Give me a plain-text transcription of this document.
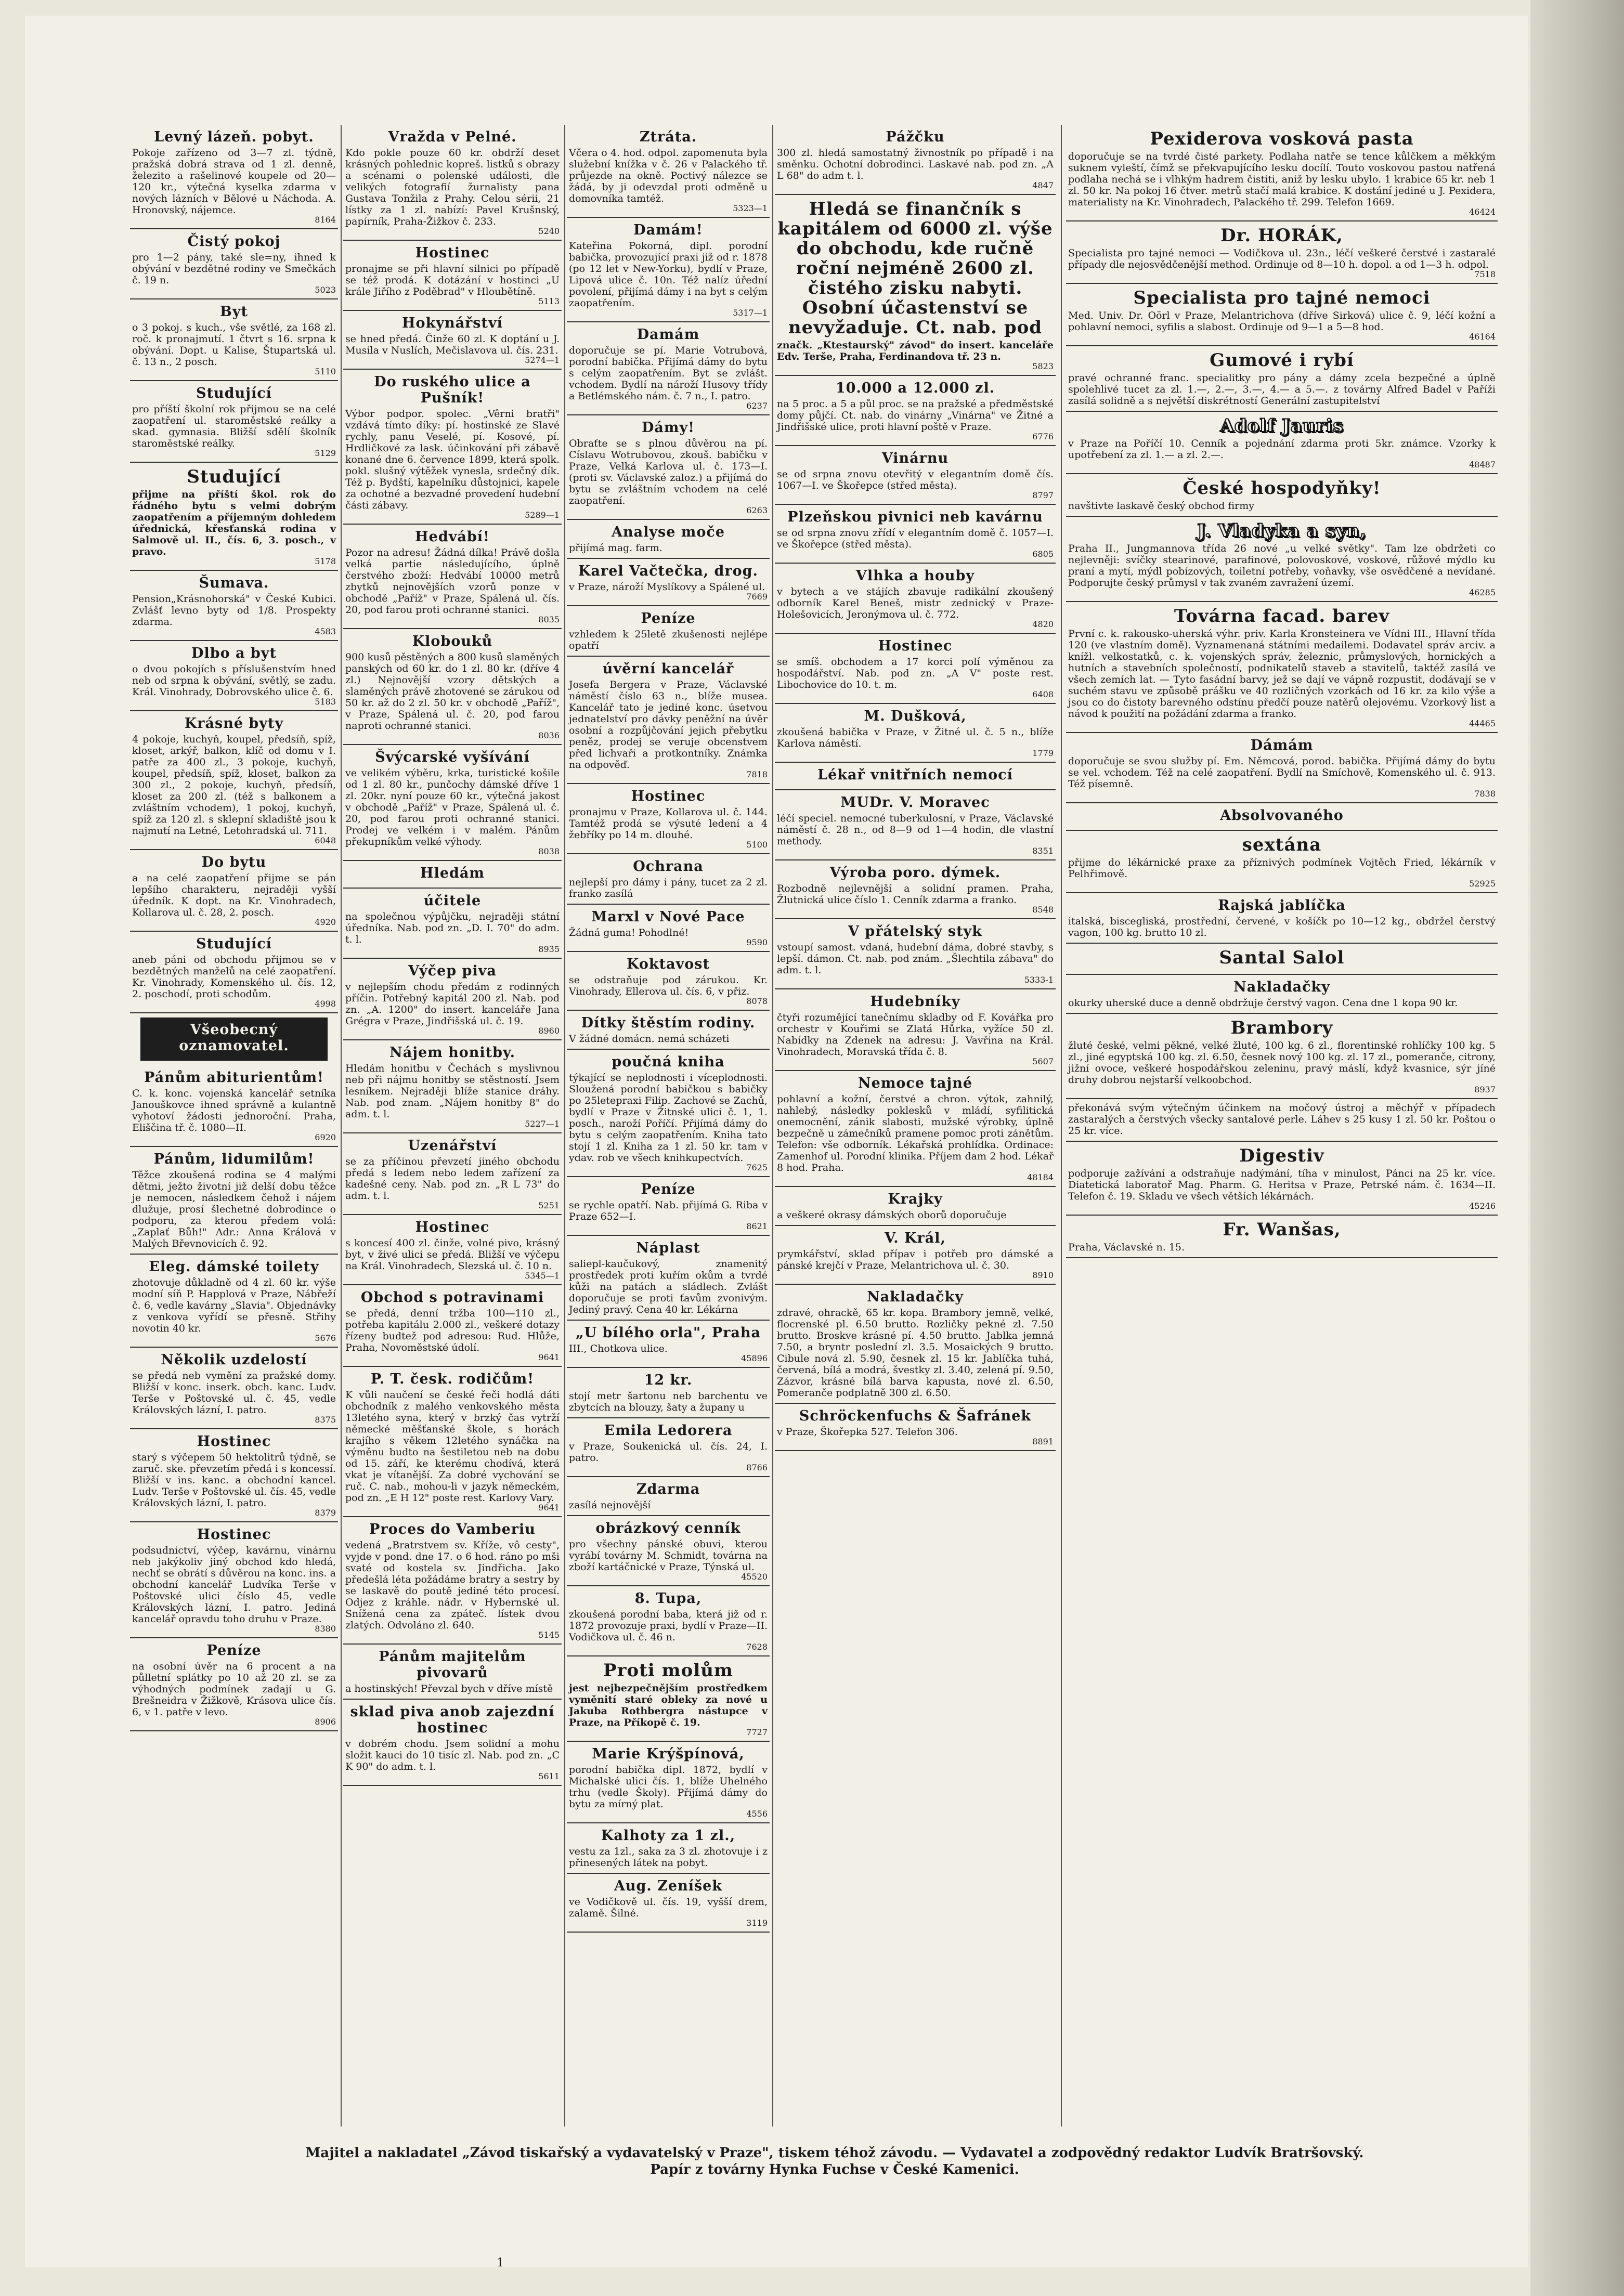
Levný lázeň. pobyt.

Pokoje zařízeno od 3—7 zl. týdně, pražská dobrá strava od 1 zl. denně, železito a rašelinové koupele od 20—120 kr., výtečná kyselka zdarma v nových lázních v Bělové u Náchoda. A. Hronovský, nájemce.

8164
Čistý pokoj

pro 1—2 pány, také sle=ny, ihned k obývání v bezdětné rodiny ve Smečkách č. 19 n.

5023
Byt

o 3 pokoj. s kuch., vše světlé, za 168 zl. roč. k pronajmutí. 1 čtvrt s 16. srpna k obývání. Dopt. u Kalise, Štupartská ul. č. 13 n., 2 posch.

5110
Studující

pro příští školní rok přijmou se na celé zaopatření ul. staroměstské reálky a skad. gymnasia. Bližší sdělí školník staroměstské reálky.

5129
Studující

přijme na příští škol. rok do řádného bytu s velmi dobrým zaopatřením a příjemným dohledem úřednická, křesťanská rodina v Salmově ul. II., čís. 6, 3. posch., v pravo.

5178
Šumava.

Pension„Krásnohorská" v České Kubici. Zvlášť levno byty od 1/8. Prospekty zdarma.

4583
Dlbo a byt

o dvou pokojích s příslušenstvím hned neb od srpna k obývání, světlý, se zadu. Král. Vinohrady, Dobrovského ulice č. 6.

5183
Krásné byty

4 pokoje, kuchyň, koupel, předsíň, spíž, kloset, arkýř, balkon, klíč od domu v I. patře za 400 zl., 3 pokoje, kuchyň, koupel, předsíň, spíž, kloset, balkon za 300 zl., 2 pokoje, kuchyň, předsíň, kloset za 200 zl. (též s balkonem a zvláštním vchodem), 1 pokoj, kuchyň, spíž za 120 zl. s sklepní skladiště jsou k najmutí na Letné, Letohradská ul. 711.

6048
Do bytu

a na celé zaopatření přijme se pán lepšího charakteru, nejraději vyšší úředník. K dopt. na Kr. Vinohradech, Kollarova ul. č. 28, 2. posch.

4920
Studující

aneb páni od obchodu přijmou se v bezdětných manželů na celé zaopatření. Kr. Vinohrady, Komenského ul. čís. 12, 2. poschodí, proti schodům.

4998
Všeobecný oznamovatel.
Pánům abiturientům!

C. k. konc. vojenská kancelář setníka Janouškovce ihned správně a kulantně vyhotoví žádosti jednoroční. Praha, Eliščina tř. č. 1080—II.

6920
Pánům, lidumilům!

Těžce zkoušená rodina se 4 malými dětmi, ježto životní již delší dobu těžce je nemocen, následkem čehož i nájem dlužuje, prosí šlechetné dobrodince o podporu, za kterou předem volá: „Zaplať Bůh!" Adr.: Anna Králová v Malých Břevnovicích č. 92.

Eleg. dámské toilety

zhotovuje důkladně od 4 zl. 60 kr. výše modní síň P. Happlová v Praze, Nábřeží č. 6, vedle kavárny „Slavia". Objednávky z venkova vyřídí se přesně. Střihy novotin 40 kr.

5676
Několik uzdelostí

se předá neb vymění za pražské domy. Bližší v konc. inserk. obch. kanc. Ludv. Terše v Poštovské ul. č. 45, vedle Královských lázní, I. patro.

8375
Hostinec

starý s výčepem 50 hektolitrů týdně, se zaruč. ske. převzetím předá i s koncessí. Bližší v ins. kanc. a obchodní kancel. Ludv. Terše v Poštovské ul. čís. 45, vedle Královských lázní, I. patro.

8379
Hostinec

podsudnictví, výčep, kavárnu, vinárnu neb jakýkoliv jiný obchod kdo hledá, nechť se obrátí s důvěrou na konc. ins. a obchodní kancelář Ludvíka Terše v Poštovské ulici číslo 45, vedle Královských lázní, I. patro. Jediná kancelář opravdu toho druhu v Praze.

8380
Peníze

na osobní úvěr na 6 procent a na půlletní splátky po 10 až 20 zl. se za výhodných podmínek zadají u G. Brešneidra v Žižkově, Krásova ulice čís. 6, v 1. patře v levo.

8906
Vražda v Pelné.

Kdo pokle pouze 60 kr. obdrží deset krásných pohlednic kopreš. listků s obrazy a scénami o polenské události, dle velikých fotografií žurnalisty pana Gustava Tonžila z Prahy. Celou sérii, 21 lístky za 1 zl. nabízí: Pavel Krušnský, papírník, Praha-Žižkov č. 233.

5240
Hostinec

pronajme se při hlavní silnici po případě se též prodá. K dotázání v hostinci „U krále Jiřího z Poděbrad" v Hloubětíně.

5113
Hokynářství

se hned předá. Činže 60 zl. K doptání u J. Musila v Nuslích, Mečislavova ul. čís. 231.

5274—1
Do ruského ulice a Pušník!

Výbor podpor. spolec. „Vêrni bratři" vzdává tímto díky: pí. hostinské ze Slavé rychly, panu Veselé, pí. Kosové, pí. Hrdličkové za lask. účinkování při zábavě konané dne 6. července 1899, která spolk. pokl. slušný výtěžek vynesla, srdečný dík. Též p. Bydští, kapelníku důstojnici, kapele za ochotné a bezvadné provedení hudební části zábavy.

5289—1
Hedvábí!

Pozor na adresu! Žádná dílka! Právě došla velká partie následujícího, úplně čerstvého zboží: Hedvábí 10000 metrů zbytků nejnovějších vzorů ponze v obchodě „Paříž" v Praze, Spálená ul. čís. 20, pod farou proti ochranné stanici.

8035
Klobouků

900 kusů pěstěných a 800 kusů slaměných panských od 60 kr. do 1 zl. 80 kr. (dříve 4 zl.) Nejnovější vzory dětských a slaměných právě zhotovené se zárukou od 50 kr. až do 2 zl. 50 kr. v obchodě „Paříž", v Praze, Spálená ul. č. 20, pod farou naproti ochranné stanici.

8036
Švýcarské vyšívání

ve velikém výběru, krka, turistické košile od 1 zl. 80 kr., punčochy dámské dříve 1 zl. 20kr. nyní pouze 60 kr., výtečná jakost v obchodě „Paříž" v Praze, Spálená ul. č. 20, pod farou proti ochranné stanici. Prodej ve velkém i v malém. Pánům překupníkům velké výhody.

8038
Hledám
účitele

na společnou výpůjčku, nejraději státní úředníka. Nab. pod zn. „D. I. 70" do adm. t. l.

8935
Výčep piva

v nejlepším chodu předám z rodinných příčin. Potřebný kapitál 200 zl. Nab. pod zn. „A. 1200" do insert. kanceláře Jana Grégra v Praze, Jindřišská ul. č. 19.

8960
Nájem honitby.

Hledám honitbu v Čechách s myslivnou neb při nájmu honitby se stěstností. Jsem lesníkem. Nejraději blíže stanice dráhy. Nab. pod znam. „Nájem honitby 8" do adm. t. l.

5227—1
Uzenářství

se za příčinou převzetí jiného obchodu předá s ledem nebo ledem zařízení za kadešné ceny. Nab. pod zn. „R L 73" do adm. t. l.

5251
Hostinec

s koncesí 400 zl. činže, volné pivo, krásný byt, v živé ulici se předá. Bližší ve výčepu na Král. Vinohradech, Slezská ul. č. 10 n.

5345—1
Obchod s potravinami

se předá, denní tržba 100—110 zl., potřeba kapitálu 2.000 zl., veškeré dotazy řízeny budtež pod adresou: Rud. Hlůže, Praha, Novoměstské údolí.

9641
P. T. česk. rodičům!

K vůli naučení se české řeči hodlá dáti obchodník z malého venkovského města 13letého syna, který v brzký čas vytrží německé měšťanské škole, s horách krajího s věkem 12letého synáčka na výměnu budto na šestiletou neb na dobu od 15. září, ke kterému chodívá, která vkat je vítanější. Za dobré vychování se ruč. C. nab., mohou-li v jazyk německém, pod zn. „E H 12" poste rest. Karlovy Vary.

9641
Proces do Vamberiu

vedená „Bratrstvem sv. Kříže, vô cesty", vyjde v pond. dne 17. o 6 hod. ráno po mši svaté od kostela sv. Jindřicha. Jako předešlá léta požádáme bratry a sestry by se laskavě do poutě jediné této procesí. Odjez z kráhle. nádr. v Hybernské ul. Snížená cena za zpáteč. lístek dvou zlatých. Odvoláno zl. 640.

5145
Pánům majitelům pivovarů

a hostinských! Převzal bych v dříve místě

sklad piva anob zajezdní hostinec

v dobrém chodu. Jsem solidní a mohu složit kauci do 10 tisíc zl. Nab. pod zn. „C K 90" do adm. t. l.

5611
Ztráta.

Včera o 4. hod. odpol. zapomenuta byla služební knížka v č. 26 v Palackého tř. průjezde na okně. Poctivý nálezce se žádá, by ji odevzdal proti odměně u domovníka tamtéž.

5323—1
Damám!

Kateřina Pokorná, dipl. porodní babička, provozující praxi již od r. 1878 (po 12 let v New-Yorku), bydlí v Praze, Lipová ulice č. 10n. Též nalíz úřední povolení, přijímá dámy i na byt s celým zaopatřením.

5317—1
Damám

doporučuje se pí. Marie Votrubová, porodní babička. Přijímá dámy do bytu s celým zaopatřením. Byt se zvlášt. vchodem. Bydlí na nároží Husovy třídy a Betlémského nám. č. 7 n., I. patro.

6237
Dámy!

Obraťte se s plnou důvěrou na pí. Císlavu Wotrubovou, zkouš. babičku v Praze, Velká Karlova ul. č. 173—I. (proti sv. Václavské zaloz.) a přijímá do bytu se zvláštním vchodem na celé zaopatření.

6263
Analyse moče

přijímá mag. farm.

Karel Vačtečka, drog.

v Praze, nároží Myslíkovy a Spálené ul.

7669
Peníze

vzhledem k 25letě zkušenosti nejlépe opatří

úvěrní kancelář

Josefa Bergera v Praze, Václavské náměstí číslo 63 n., blíže musea. Kancelář tato je jediné konc. úsetvou jednatelství pro dávky peněžní na úvěr osobní a rozpůjčování jejich přebytku peněz, prodej se veruje obcenstvem před lichvaři a protkontníky. Známka na odpověď.

7818
Hostinec

pronajmu v Praze, Kollarova ul. č. 144. Tamtéž prodá se výsuté ledení a 4 žebříky po 14 m. dlouhé.

5100
Ochrana

nejlepší pro dámy i pány, tucet za 2 zl. franko zasílá

Marxl v Nové Pace

Žádná guma! Pohodlné!

9590
Koktavost

se odstraňuje pod zárukou. Kr. Vinohrady, Ellerova ul. čís. 6, v přiz.

8078
Dítky štěstím rodiny.

V žádné domácn. nemá scházeti

poučná kniha

týkající se neplodnosti i víceplodnosti. Sloužená porodní babičkou s babičky po 25letepraxi Filip. Zachové se Zachů, bydlí v Praze v Žitnské ulici č. 1, 1. posch., naroží Poříčí. Přijímá dámy do bytu s celým zaopatřením. Kniha tato stojí 1 zl. Kniha za 1 zl. 50 kr. tam v ydav. rob ve všech knihkupectvích.

7625
Peníze

se rychle opatří. Nab. přijímá G. Riba v Praze 652—I.

8621
Náplast

saliepl-kaučukový, znamenitý prostředek proti kuřím okům a tvrdé kůži na patách a sládlech. Zvlášt doporučuje se proti ťavům zvonivým. Jediný pravý. Cena 40 kr. Lékárna

„U bílého orla", Praha

III., Chotkova ulice.

45896
12 kr.

stojí metr šartonu neb barchentu ve zbytcích na blouzy, šaty a župany u

Emila Ledorera

v Praze, Soukenická ul. čís. 24, I. patro.

8766
Zdarma

zasílá nejnovější

obrázkový cenník

pro všechny pánské obuvi, kterou vyrábí továrny M. Schmidt, továrna na zboží kartáčnické v Praze, Týnská ul.

45520
8. Tupa,

zkoušená porodní baba, která již od r. 1872 provozuje praxi, bydlí v Praze—II. Vodičkova ul. č. 46 n.

7628
Proti molům

jest nejbezpečnějším prostředkem vyměnití staré obleky za nové u Jakuba Rothbergra nástupce v Praze, na Příkopě č. 19.

7727
Marie Krýšpínová,

porodní babička dipl. 1872, bydlí v Michalské ulici čís. 1, blíže Uhelného trhu (vedle Školy). Přijímá dámy do bytu za mírný plat.

4556
Kalhoty za 1 zl.,

vestu za 1zl., saka za 3 zl. zhotovuje i z přinesených látek na pobyt.

Aug. Zeníšek

ve Vodičkově ul. čís. 19, vyšší drem, zalamě. Šilné.

3119
Pážčku

300 zl. hledá samostatný živnostník po případě i na směnku. Ochotní dobrodinci. Laskavé nab. pod zn. „A L 68" do adm t. l.

4847
Hledá se finančník s kapitálem od 6000 zl. výše do obchodu, kde ručně roční nejméně 2600 zl. čistého zisku nabyti. Osobní účastenství se nevyžaduje. Ct. nab. pod

značk. „Ktestaurský" závod" do insert. kanceláře Edv. Terše, Praha, Ferdinandova tř. 23 n.

5823
10.000 a 12.000 zl.

na 5 proc. a 5 a půl proc. se na pražské a předměstské domy půjčí. Ct. nab. do vinárny „Vinárna" ve Žitné a Jindřišské ulice, proti hlavní poště v Praze.

6776
Vinárnu

se od srpna znovu otevřitý v elegantním domě čís. 1067—I. ve Škořepce (střed města).

8797
Plzeňskou pivnici neb kavárnu

se od srpna znovu zřídí v elegantním domě č. 1057—I. ve Škořepce (střed města).

6805
Vlhka a houby

v bytech a ve stájích zbavuje radikální zkoušený odborník Karel Beneš, mistr zednický v Praze-Holešovicích, Jeronýmova ul. č. 772.

4820
Hostinec

se smíš. obchodem a 17 korci polí výměnou za hospodářství. Nab. pod zn. „A V" poste rest. Libochovice do 10. t. m.

6408
M. Dušková,

zkoušená babička v Praze, v Žitné ul. č. 5 n., blíže Karlova náměstí.

1779
Lékař vnitřních nemocí
MUDr. V. Moravec

léčí speciel. nemocné tuberkulosní, v Praze, Václavské náměstí č. 28 n., od 8—9 od 1—4 hodin, dle vlastní methody.

8351
Výroba poro. dýmek.

Rozbodně nejlevnější a solidní pramen. Praha, Žlutnická ulice číslo 1. Cenník zdarma a franko.

8548
V přátelský styk

vstoupí samost. vdaná, hudební dáma, dobré stavby, s lepší. dámon. Ct. nab. pod znám. „Šlechtila zábava" do adm. t. l.

5333-1
Hudebníky

čtyři rozumějící tanečnímu skladby od F. Kovářka pro orchestr v Kouřimi se Zlatá Hůrka, vyžíce 50 zl. Nabídky na Zdenek na adresu: J. Vavřina na Král. Vinohradech, Moravská třída č. 8.

5607
Nemoce tajné

pohlavní a kožní, čerstvé a chron. výtok, zahnilý, nahlebý, následky poklesků v mládí, syfilitická onemocnění, zánik slabosti, mužské výrobky, úplně bezpečně u zámečníků pramene pomoc proti zánětům. Telefon: vše odborník. Lékařská prohlídka. Ordinace: Zamenhof ul. Porodní klinika. Příjem dam 2 hod. Lékař 8 hod. Praha.

48184
Krajky

a veškeré okrasy dámských oborů doporučuje

V. Král,

prymkářství, sklad přípav i potřeb pro dámské a pánské krejčí v Praze, Melantrichova ul. č. 30.

8910
Nakladačky

zdravé, ohrackě, 65 kr. kopa. Brambory jemně, velké, flocrenské pl. 6.50 brutto. Rozličky pekné zl. 7.50 brutto. Broskve krásné pí. 4.50 brutto. Jablka jemná 7.50, a bryntr poslední zl. 3.5. Mosaických 9 brutto. Cibule nová zl. 5.90, česnek zl. 15 kr. Jablíčka tuhá, červená, bílá a modrá, švestky zl. 3.40, zelená pí. 9.50, Zázvor, krásné bílá barva kapusta, nové zl. 6.50, Pomeranče podplatně 300 zl. 6.50.

Schröckenfuchs & Šafránek

v Praze, Škořepka 527. Telefon 306.

8891
Pexiderova vosková pasta

doporučuje se na tvrdé čisté parkety. Podlaha natře se tence kůlčkem a měkkým suknem vyleští, čímž se překvapujícího lesku docílí. Touto voskovou pastou natřená podlaha nechá se i vlhkým hadrem čistiti, aniž by lesku ubylo. 1 krabice 65 kr. neb 1 zl. 50 kr. Na pokoj 16 čtver. metrů stačí malá krabice. K dostání jediné u J. Pexidera, materialisty na Kr. Vinohradech, Palackého tř. 299. Telefon 1669.

46424
Dr. HORÁK,

Specialista pro tajné nemoci — Vodičkova ul. 23n., léčí veškeré čerstvé i zastaralé případy dle nejosvědčenější method. Ordinuje od 8—10 h. dopol. a od 1—3 h. odpol.

7518
Specialista pro tajné nemoci

Med. Univ. Dr. Oörl v Praze, Melantrichova (dříve Sirková) ulice č. 9, léčí kožní a pohlavní nemoci, syfilis a slabost. Ordinuje od 9—1 a 5—8 hod.

46164
Gumové i rybí

pravé ochranné franc. specialitky pro pány a dámy zcela bezpečné a úplně spolehlivé tucet za zl. 1.—, 2.—, 3.—, 4.— a 5.—. z továrny Alfred Badel v Paříži zasílá solidně a s největší diskrétností Generální zastupitelství

Adolf Jauris

v Praze na Poříčí 10. Cenník a pojednání zdarma proti 5kr. známce. Vzorky k upotřebení za zl. 1.— a zl. 2.—.

48487
České hospodyňky!

navštivte laskavě český obchod firmy

J. Vladyka a syn,

Praha II., Jungmannova třída 26 nové „u velké světky". Tam lze obdržeti co nejlevněji: svíčky stearinové, parafinové, polovoskové, voskové, růžové mýdlo ku praní a mytí, mýdl pobízových, toiletní potřeby, voňavky, vše osvědčené a nevídané. Podporujte český průmysl v tak zvaném zavražení území.

46285
Továrna facad. barev

První c. k. rakousko-uherská výhr. priv. Karla Kronsteinera ve Vídni III., Hlavní třída 120 (ve vlastním domě). Vyznamenaná státními medailemi. Dodavatel správ arciv. a knížl. velkostatků, c. k. vojenských správ, železnic, průmyslových, hornických a hutních a stavebních společností, podnikatelů staveb a stavitelů, taktéž zasílá ve všech zemích lat. — Tyto fasádní barvy, jež se dají ve vápně rozpustit, dodávají se v suchém stavu ve způsobě prášku ve 40 rozličných vzorkách od 16 kr. za kilo výše a jsou co do čistoty barevného odstínu předčí pouze natěrů olejovému. Vzorkový list a návod k použití na požádání zdarma a franko.

44465
Dámám

doporučuje se svou služby pí. Em. Němcová, porod. babička. Přijímá dámy do bytu se vel. vchodem. Též na celé zaopatření. Bydlí na Smíchově, Komenského ul. č. 913. Též písemně.

7838
Absolvovaného
sextána

přijme do lékárnické praxe za příznivých podmínek Vojtěch Fried, lékárník v Pelhřimově.

52925
Rajská jablíčka

italská, biscegliská, prostřední, červené, v košíčk po 10—12 kg., obdržel čerstvý vagon, 100 kg. brutto 10 zl.

Santal Salol
Nakladačky

okurky uherské duce a denně obdržuje čerstvý vagon. Cena dne 1 kopa 90 kr.

Brambory

žluté české, velmi pěkné, velké žluté, 100 kg. 6 zl., florentinské rohlíčky 100 kg. 5 zl., jiné egyptská 100 kg. zl. 6.50, česnek nový 100 kg. zl. 17 zl., pomeranče, citrony, jižní ovoce, veškeré hospodářskou zeleninu, pravý máslí, když kvasnice, sýr jíné druhy dobrou nejstarší velkoobchod.

8937

překonává svým výtečným účinkem na močový ústroj a měchýř v případech zastaralých a čerstvých všecky santalové perle. Láhev s 25 kusy 1 zl. 50 kr. Poštou o 25 kr. více.

Digestiv

podporuje zažívání a odstraňuje nadýmání, tíha v minulost, Pánci na 25 kr. více. Diatetická laboratoř Mag. Pharm. G. Heritsa v Praze, Petrské nám. č. 1634—II. Telefon č. 19. Skladu ve všech větších lékárnách.

45246
Fr. Wanšas,

Praha, Václavské n. 15.

Majitel a nakladatel „Závod tiskařský a vydavatelský v Praze", tiskem téhož závodu. — Vydavatel a zodpovědný redaktor Ludvík Bratršovský.
Papír z továrny Hynka Fuchse v České Kamenici.
1
